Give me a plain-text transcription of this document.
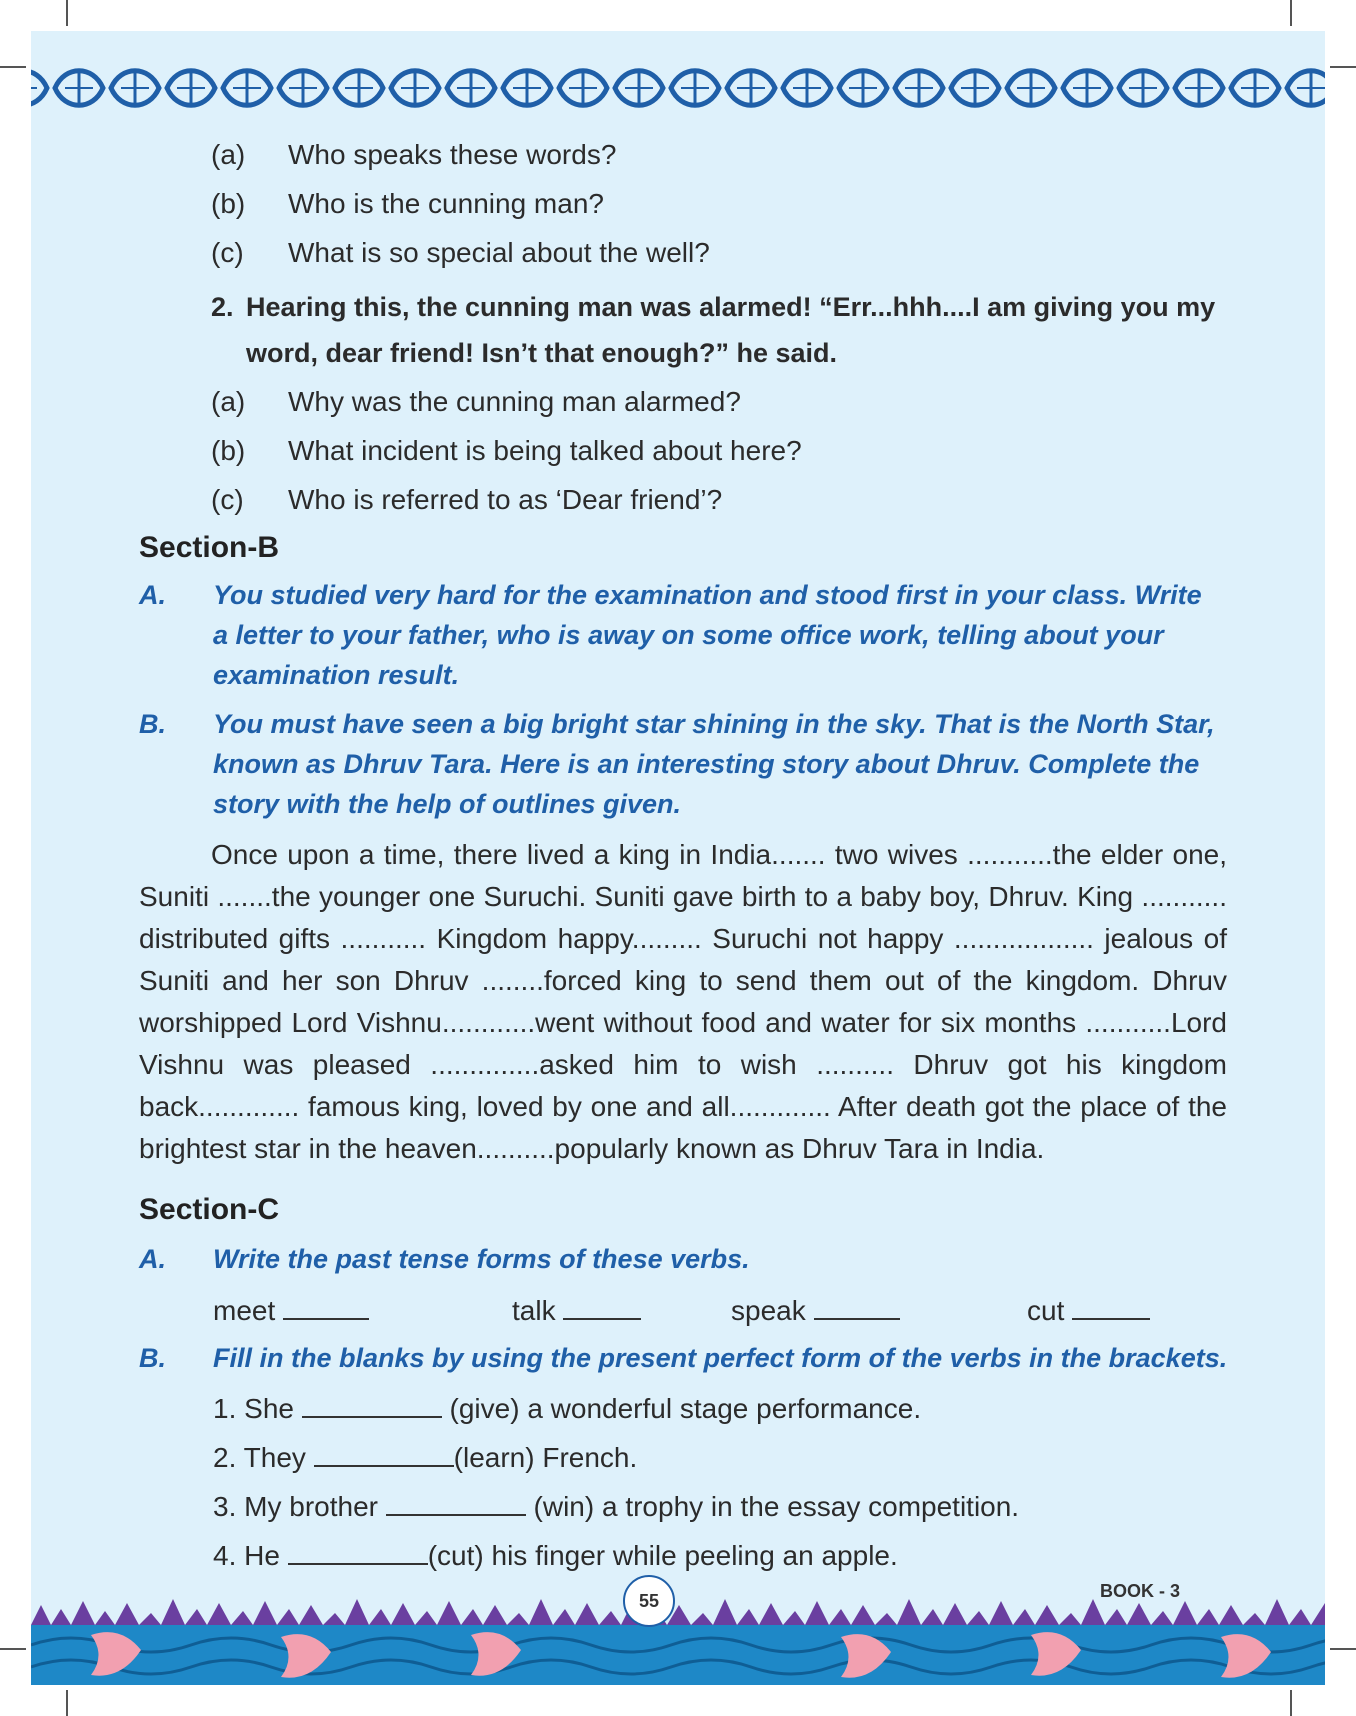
(a) Who speaks these words?
(b) Who is the cunning man?
(c) What is so special about the well?
2. Hearing this, the cunning man was alarmed! “Err...hhh....I am giving you my
word, dear friend! Isn’t that enough?” he said.
(a) Why was the cunning man alarmed?
(b) What incident is being talked about here?
(c) Who is referred to as ‘Dear friend’?
Section-B
A. You studied very hard for the examination and stood first in your class. Write
a letter to your father, who is away on some office work, telling about your
examination result.
B. You must have seen a big bright star shining in the sky. That is the North Star,
known as Dhruv Tara. Here is an interesting story about Dhruv. Complete the
story with the help of outlines given.

Once upon a time, there lived a king in India....... two wives ...........the elder one, Suniti .......the younger one Suruchi. Suniti gave birth to a baby boy, Dhruv. King ........... distributed gifts ........... Kingdom happy......... Suruchi not happy .................. jealous of Suniti and her son Dhruv ........forced king to send them out of the kingdom. Dhruv worshipped Lord Vishnu............went without food and water for six months ...........Lord Vishnu was pleased ..............asked him to wish .......... Dhruv got his kingdom back............. famous king, loved by one and all............. After death got the place of the brightest star in the heaven..........popularly known as Dhruv Tara in India.

Section-C
A. Write the past tense forms of these verbs.
meet	talk	speak	cut
B. Fill in the blanks by using the present perfect form of the verbs in the brackets.
1. She	(give) a wonderful stage performance.
2. They	(learn) French.
3. My brother	(win) a trophy in the essay competition.
4. He	(cut) his finger while peeling an apple.
55	BOOK - 3
